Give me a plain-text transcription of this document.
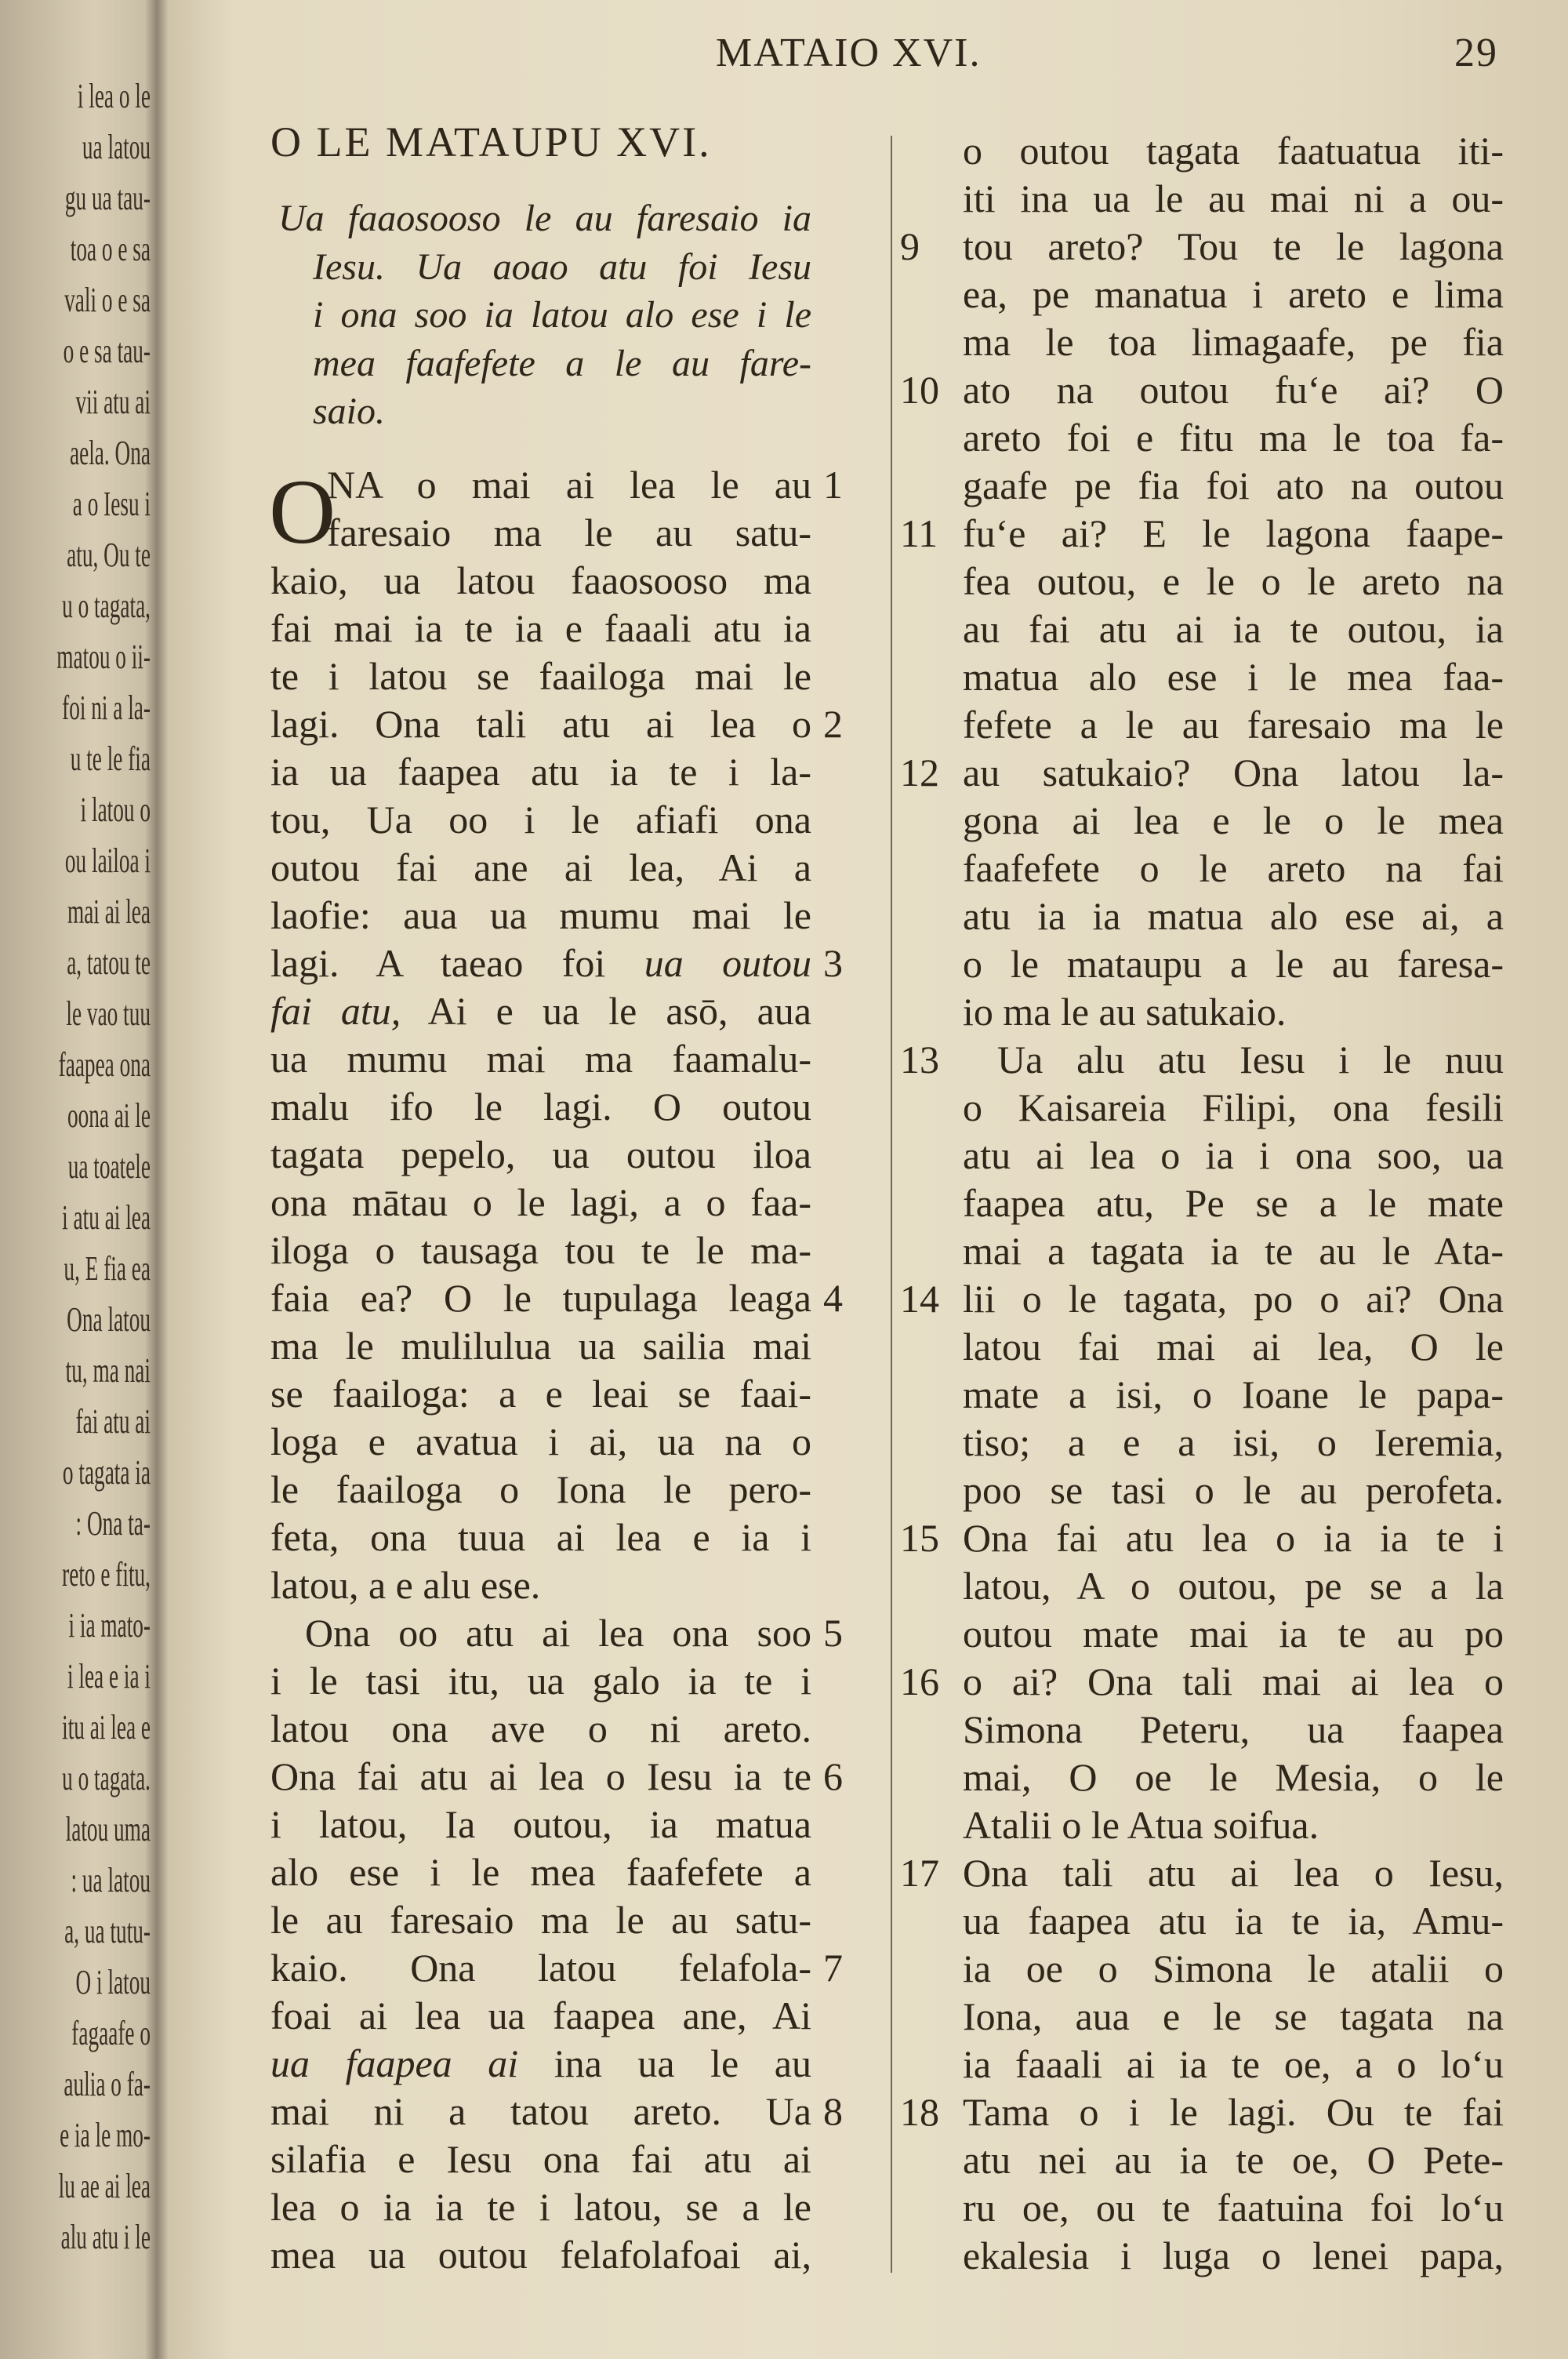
i lea o le
ua latou
gu ua tau-
toa o e sa
vali o e sa
o e sa tau-
vii atu ai
aela. Ona
a o Iesu i
atu, Ou te
u o tagata,
matou o ii-
foi ni a la-
u te le fia
i latou o
ou lailoa i
mai ai lea
a, tatou te
le vao tuu
faapea ona
oona ai le
ua toatele
i atu ai lea
u, E fia ea
Ona latou
tu, ma nai
fai atu ai
o tagata ia
: Ona ta-
reto e fitu,
i ia mato-
i lea e ia i
itu ai lea e
u o tagata.
latou uma
: ua latou
a, ua tutu-
O i latou
fagaafe o
aulia o fa-
e ia le mo-
lu ae ai lea
alu atu i le
MATAIO XVI.	29
O LE MATAUPU XVI.
Ua faaosooso le au faresaio ia
Iesu. Ua aoao atu foi Iesu
i ona soo ia latou alo ese i le
mea faafefete a le au fare-
saio.
O
NA o mai ai lea le au 1
faresaio ma le au satu-
kaio, ua latou faaosooso ma
fai mai ia te ia e faaali atu ia
te i latou se faailoga mai le
lagi. Ona tali atu ai lea o 2
ia ua faapea atu ia te i la-
tou, Ua oo i le afiafi ona
outou fai ane ai lea, Ai a
laofie: aua ua mumu mai le
lagi. A taeao foi ua outou 3
fai atu, Ai e ua le asō, aua
ua mumu mai ma faamalu-
malu ifo le lagi. O outou
tagata pepelo, ua outou iloa
ona mātau o le lagi, a o faa-
iloga o tausaga tou te le ma-
faia ea? O le tupulaga leaga 4
ma le mulilulua ua sailia mai
se faailoga: a e leai se faai-
loga e avatua i ai, ua na o
le faailoga o Iona le pero-
feta, ona tuua ai lea e ia i
latou, a e alu ese.
Ona oo atu ai lea ona soo 5
i le tasi itu, ua galo ia te i
latou ona ave o ni areto.
Ona fai atu ai lea o Iesu ia te 6
i latou, Ia outou, ia matua
alo ese i le mea faafefete a
le au faresaio ma le au satu-
kaio. Ona latou felafola- 7
foai ai lea ua faapea ane, Ai
ua faapea ai ina ua le au
mai ni a tatou areto. Ua 8
silafia e Iesu ona fai atu ai
lea o ia ia te i latou, se a le
mea ua outou felafolafoai ai,
o outou tagata faatuatua iti-
iti ina ua le au mai ni a ou-
tou areto? Tou te le lagona
9
ea, pe manatua i areto e lima
ma le toa limagaafe, pe fia
ato na outou fu‘e ai? O
10
areto foi e fitu ma le toa fa-
gaafe pe fia foi ato na outou
fu‘e ai? E le lagona faape-
11
fea outou, e le o le areto na
au fai atu ai ia te outou, ia
matua alo ese i le mea faa-
fefete a le au faresaio ma le
au satukaio? Ona latou la-
12
gona ai lea e le o le mea
faafefete o le areto na fai
atu ia ia matua alo ese ai, a
o le mataupu a le au faresa-
io ma le au satukaio.
Ua alu atu Iesu i le nuu
13
o Kaisareia Filipi, ona fesili
atu ai lea o ia i ona soo, ua
faapea atu, Pe se a le mate
mai a tagata ia te au le Ata-
lii o le tagata, po o ai? Ona
14
latou fai mai ai lea, O le
mate a isi, o Ioane le papa-
tiso; a e a isi, o Ieremia,
poo se tasi o le au perofeta.
Ona fai atu lea o ia ia te i
15
latou, A o outou, pe se a la
outou mate mai ia te au po
o ai? Ona tali mai ai lea o
16
Simona Peteru, ua faapea
mai, O oe le Mesia, o le
Atalii o le Atua soifua.
Ona tali atu ai lea o Iesu,
17
ua faapea atu ia te ia, Amu-
ia oe o Simona le atalii o
Iona, aua e le se tagata na
ia faaali ai ia te oe, a o lo‘u
Tama o i le lagi. Ou te fai
18
atu nei au ia te oe, O Pete-
ru oe, ou te faatuina foi lo‘u
ekalesia i luga o lenei papa,
